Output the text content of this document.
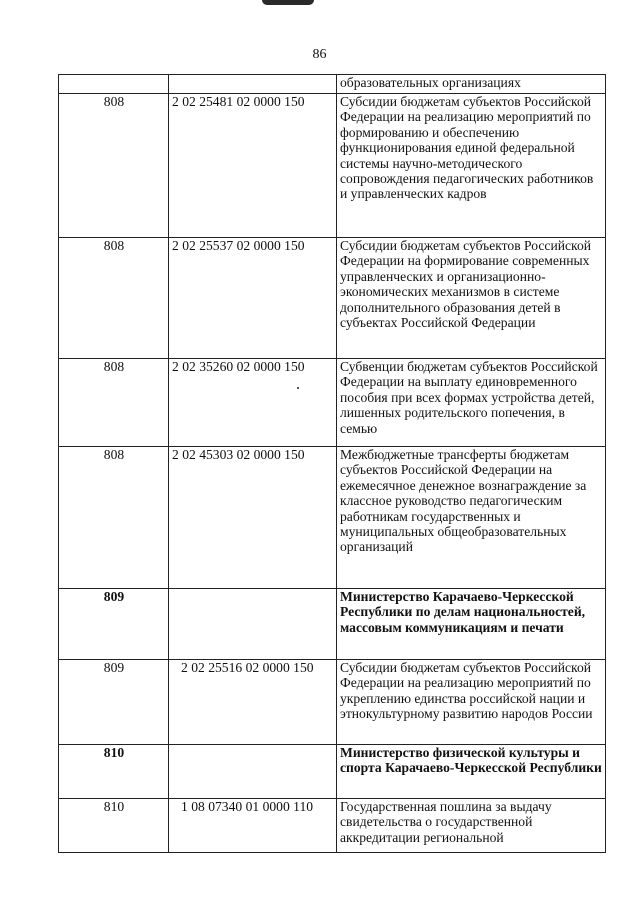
86
		образовательных организациях
808	2 02 25481 02 0000 150	Субсидии бюджетам субъектов Российской Федерации на реализацию мероприятий по формированию и обеспечению функционирования единой федеральной системы научно-методического сопровождения педагогических работников и управленческих кадров
808	2 02 25537 02 0000 150	Субсидии бюджетам субъектов Российской Федерации на формирование современных управленческих и организационно-экономических механизмов в системе дополнительного образования детей в субъектах Российской Федерации
808	2 02 35260 02 0000 150	Субвенции бюджетам субъектов Российской Федерации на выплату единовременного пособия при всех формах устройства детей, лишенных родительского попечения, в семью
808	2 02 45303 02 0000 150	Межбюджетные трансферты бюджетам субъектов Российской Федерации на ежемесячное денежное вознаграждение за классное руководство педагогическим работникам государственных и муниципальных общеобразовательных организаций
809		Министерство Карачаево-Черкесской Республики по делам национальностей, массовым коммуникациям и печати
809	2 02 25516 02 0000 150	Субсидии бюджетам субъектов Российской Федерации на реализацию мероприятий по укреплению единства российской нации и этнокультурному развитию народов России
810		Министерство физической культуры и спорта Карачаево-Черкесской Республики
810	1 08 07340 01 0000 110	Государственная пошлина за выдачу свидетельства о государственной аккредитации региональной
